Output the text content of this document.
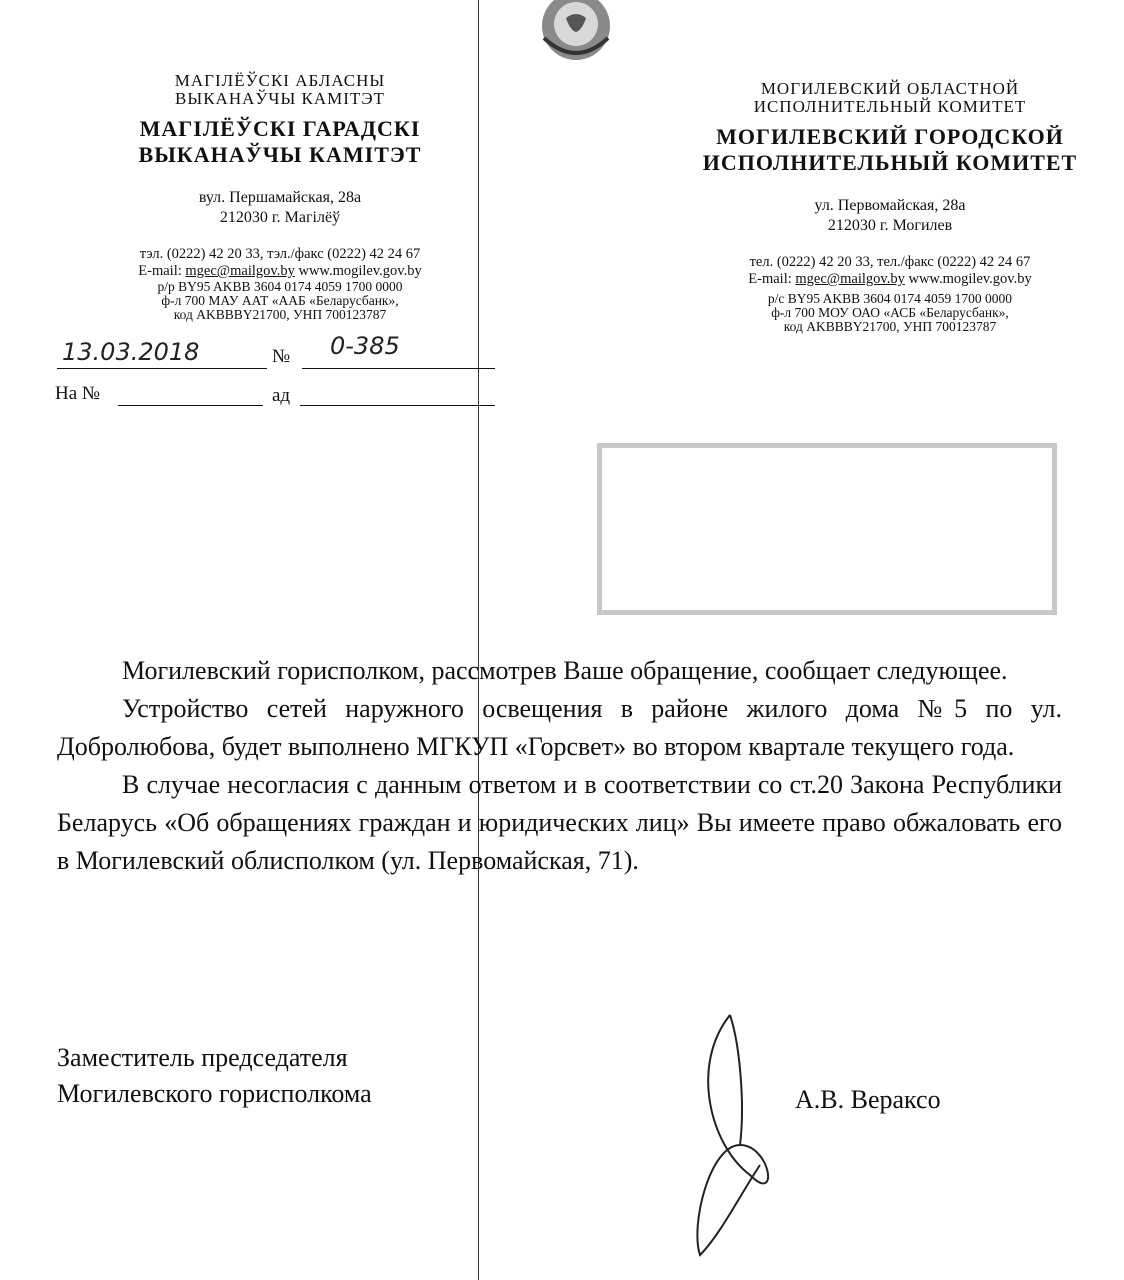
МАГІЛЁЎСКІ АБЛАСНЫ
ВЫКАНАЎЧЫ КАМІТЭТ
МАГІЛЁЎСКІ ГАРАДСКІ
ВЫКАНАЎЧЫ КАМІТЭТ
вул. Першамайская, 28а
212030 г. Магілёў
тэл. (0222) 42 20 33, тэл./факс (0222) 42 24 67
E-mail: mgec@mailgov.by www.mogilev.gov.by
р/р BY95 AKBB 3604 0174 4059 1700 0000
ф-л 700 МАУ ААТ «ААБ «Беларусбанк»,
код AKBBBY21700, УНП 700123787
13.03.2018	№ 0-385
На №	ад
МОГИЛЕВСКИЙ ОБЛАСТНОЙ
ИСПОЛНИТЕЛЬНЫЙ КОМИТЕТ
МОГИЛЕВСКИЙ ГОРОДСКОЙ
ИСПОЛНИТЕЛЬНЫЙ КОМИТЕТ
ул. Первомайская, 28а
212030 г. Могилев
тел. (0222) 42 20 33, тел./факс (0222) 42 24 67
E-mail: mgec@mailgov.by www.mogilev.gov.by
р/с BY95 AKBB 3604 0174 4059 1700 0000
ф-л 700 МОУ ОАО «АСБ «Беларусбанк»,
код AKBBBY21700, УНП 700123787

Могилевский горисполком, рассмотрев Ваше обращение, сообщает следующее.

Устройство сетей наружного освещения в районе жилого дома №5 по ул. Добролюбова, будет выполнено МГКУП «Горсвет» во втором квартале текущего года.

В случае несогласия с данным ответом и в соответствии со ст.20 Закона Республики Беларусь «Об обращениях граждан и юридических лиц» Вы имеете право обжаловать его в Могилевский облисполком (ул. Первомайская, 71).

Заместитель председателя
Могилевского горисполкома	А.В. Вераксо
